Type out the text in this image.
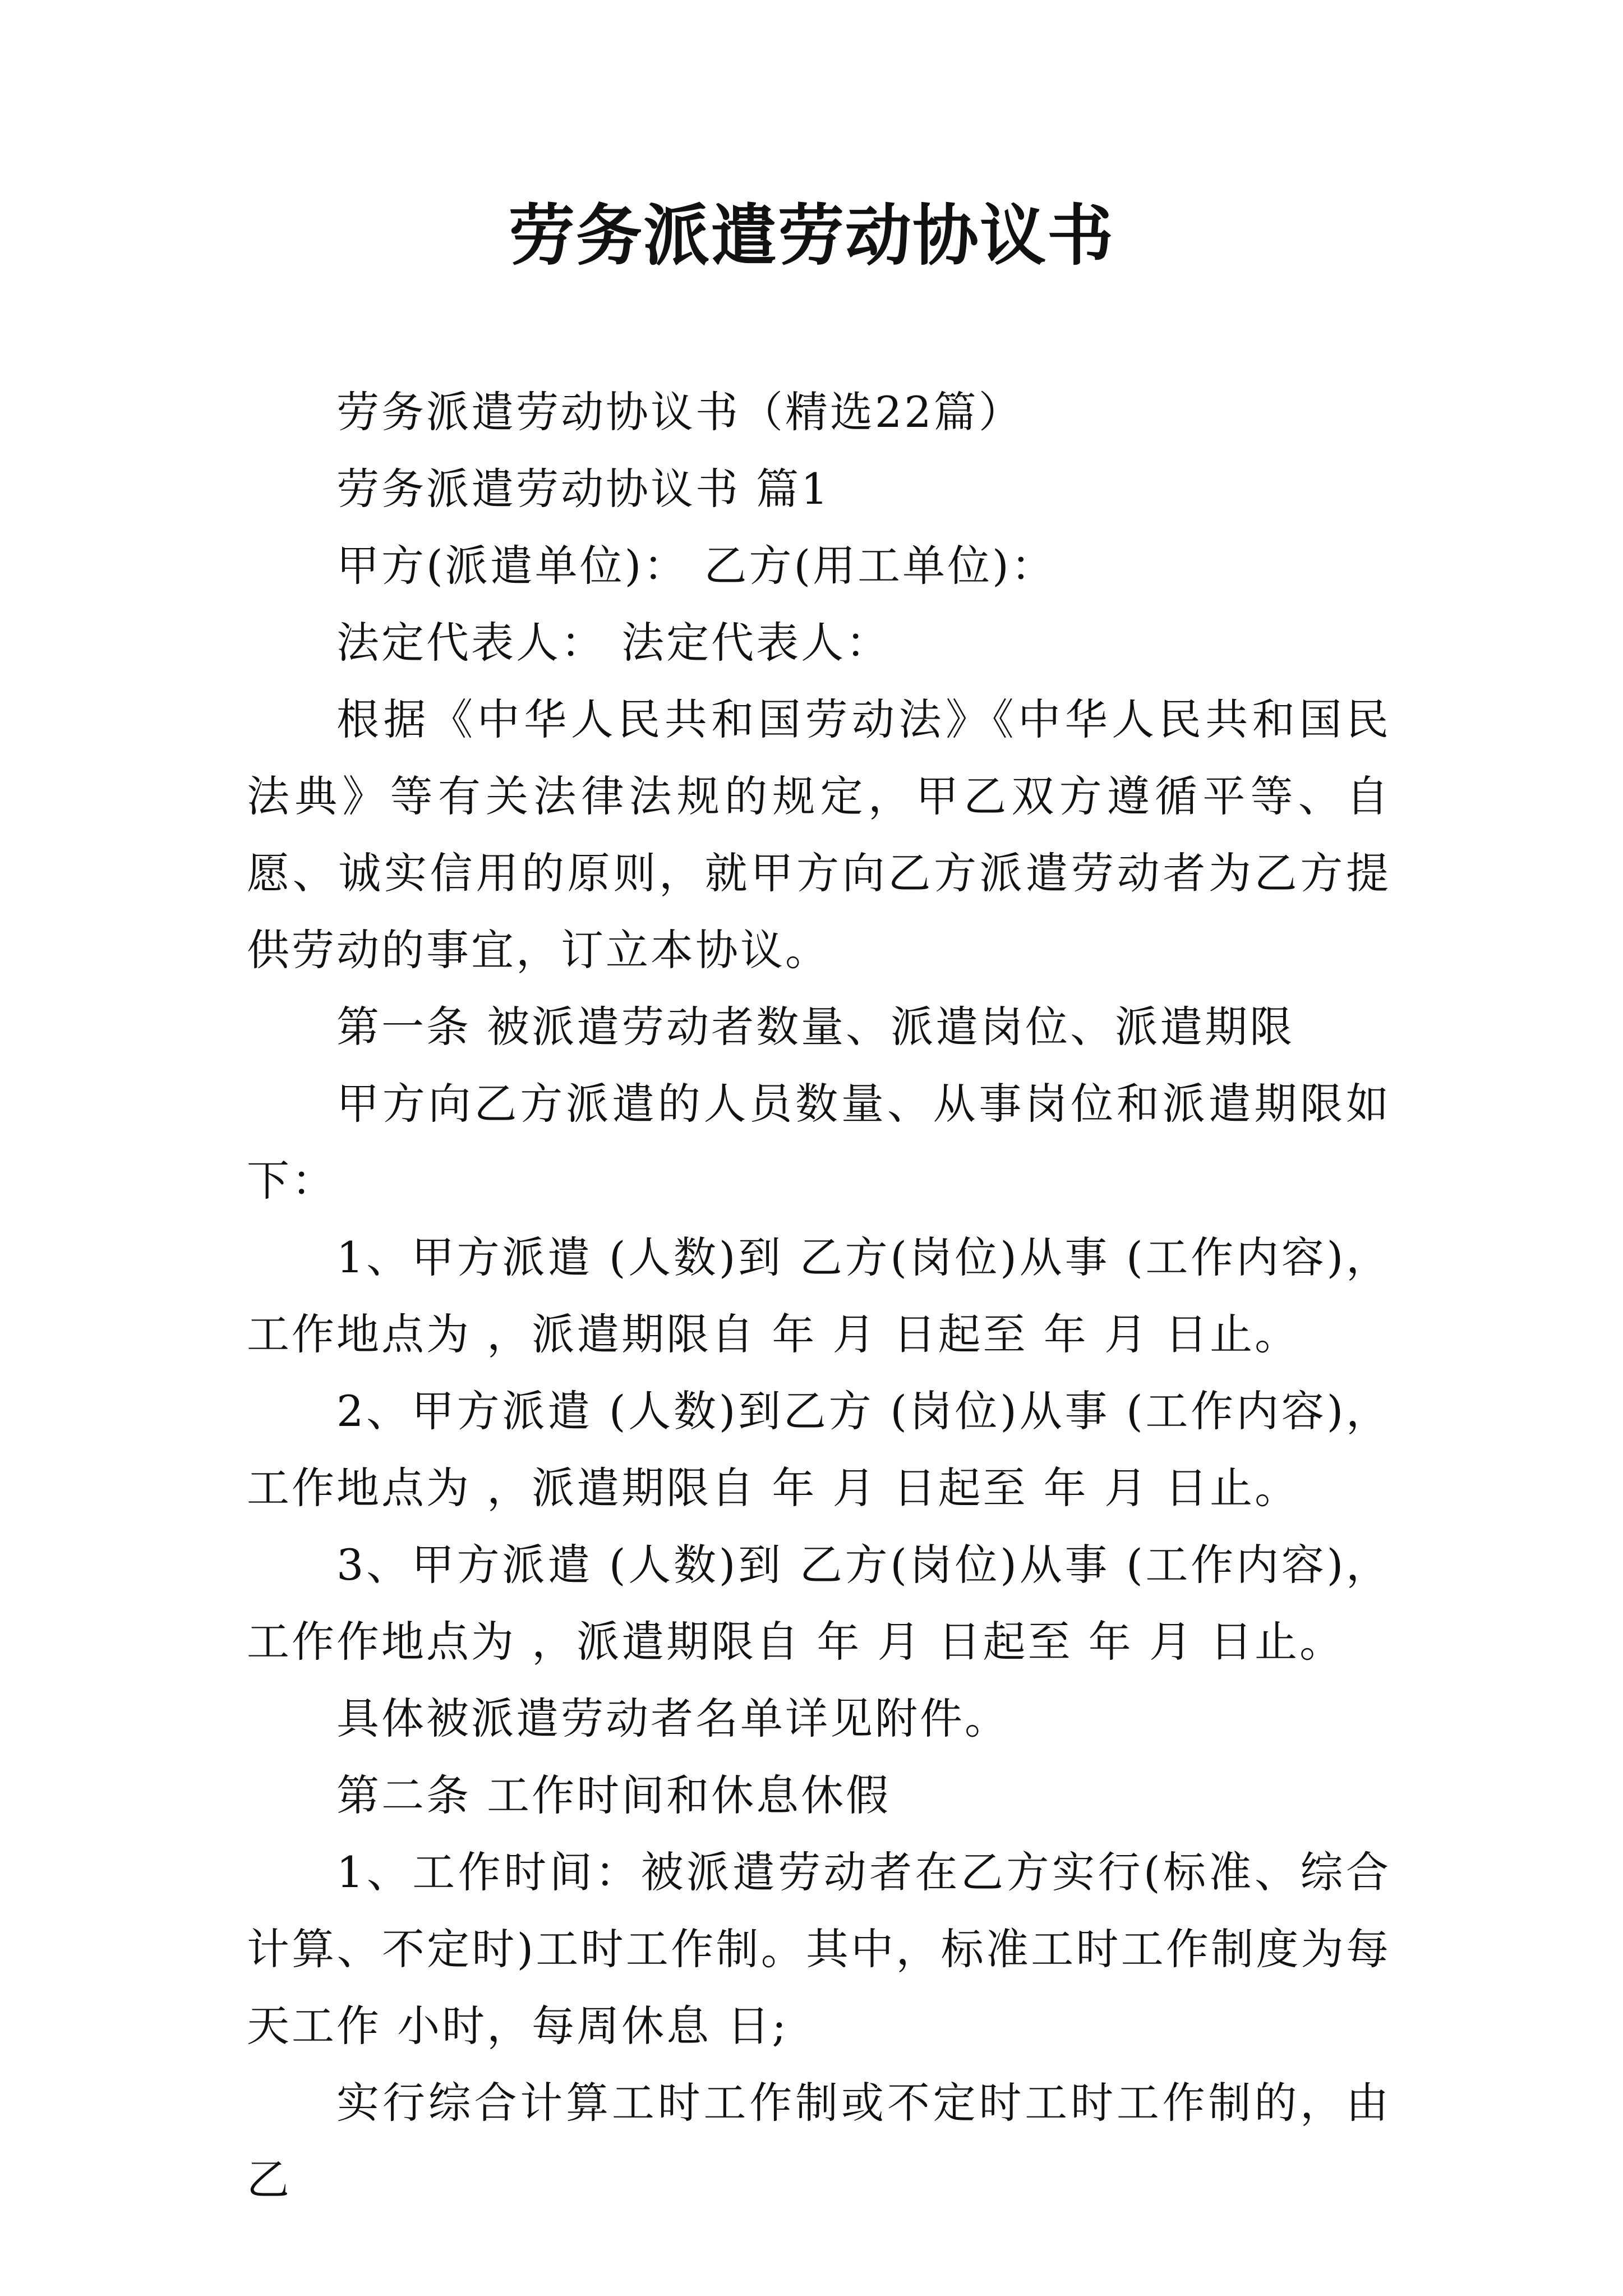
劳务派遣劳动协议书

劳务派遣劳动协议书（精选22篇）

劳务派遣劳动协议书 篇1

甲方(派遣单位)： 乙方(用工单位)：

法定代表人： 法定代表人：

根据《中华人民共和国劳动法》《中华人民共和国民法典》等有关法律法规的规定，甲乙双方遵循平等、自愿、诚实信用的原则，就甲方向乙方派遣劳动者为乙方提供劳动的事宜，订立本协议。

第一条 被派遣劳动者数量、派遣岗位、派遣期限

甲方向乙方派遣的人员数量、从事岗位和派遣期限如下：

1、甲方派遣 (人数)到 乙方(岗位)从事 (工作内容)，工作地点为 ，派遣期限自 年 月 日起至 年 月 日止。

2、甲方派遣 (人数)到乙方 (岗位)从事 (工作内容)，工作地点为 ，派遣期限自 年 月 日起至 年 月 日止。

3、甲方派遣 (人数)到 乙方(岗位)从事 (工作内容)，工作作地点为 ，派遣期限自 年 月 日起至 年 月 日止。

具体被派遣劳动者名单详见附件。

第二条 工作时间和休息休假

1、工作时间：被派遣劳动者在乙方实行(标准、综合计算、不定时)工时工作制。其中，标准工时工作制度为每天工作 小时，每周休息 日;

实行综合计算工时工作制或不定时工时工作制的，由乙
